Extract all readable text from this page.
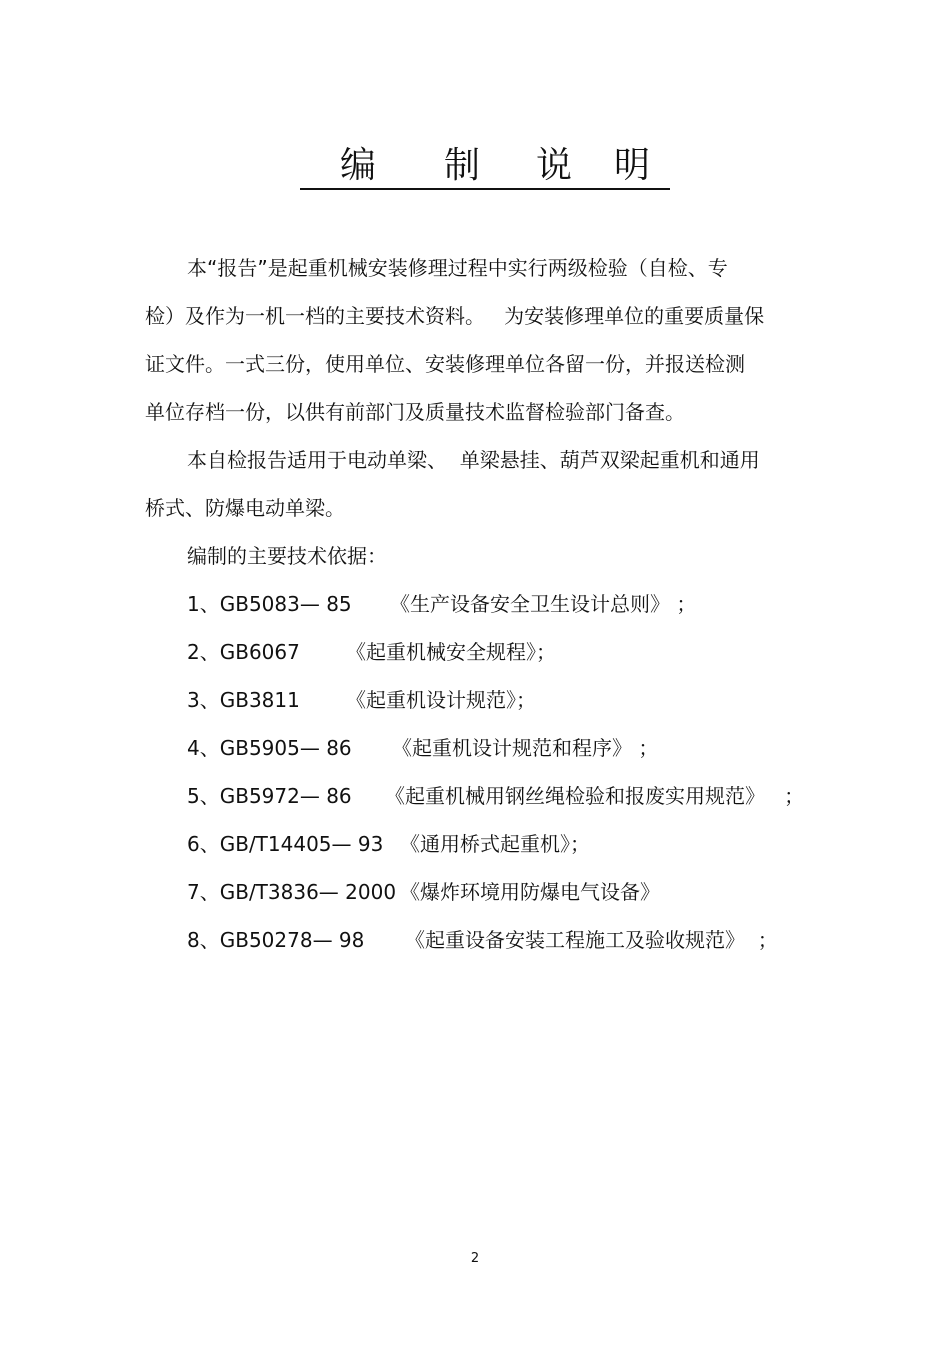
编 制 说 明
本“报告”是起重机械安装修理过程中实行两级检验（自检、专
检）及作为一机一档的主要技术资料。   为安装修理单位的重要质量保
证文件。一式三份，使用单位、安装修理单位各留一份，并报送检测
单位存档一份，以供有前部门及质量技术监督检验部门备查。
本自检报告适用于电动单梁、  单梁悬挂、葫芦双梁起重机和通用
桥式、防爆电动单梁。
编制的主要技术依据：
1、GB5083— 85 《生产设备安全卫生设计总则》 ；
2、GB6067 《起重机械安全规程》；
3、GB3811 《起重机设计规范》；
4、GB5905— 86 《起重机设计规范和程序》 ；
5、GB5972— 86 《起重机械用钢丝绳检验和报废实用规范》   ；
6、GB/T14405— 93 《通用桥式起重机》；
7、GB/T3836— 2000 《爆炸环境用防爆电气设备》
8、GB50278— 98 《起重设备安装工程施工及验收规范》  ；
2
